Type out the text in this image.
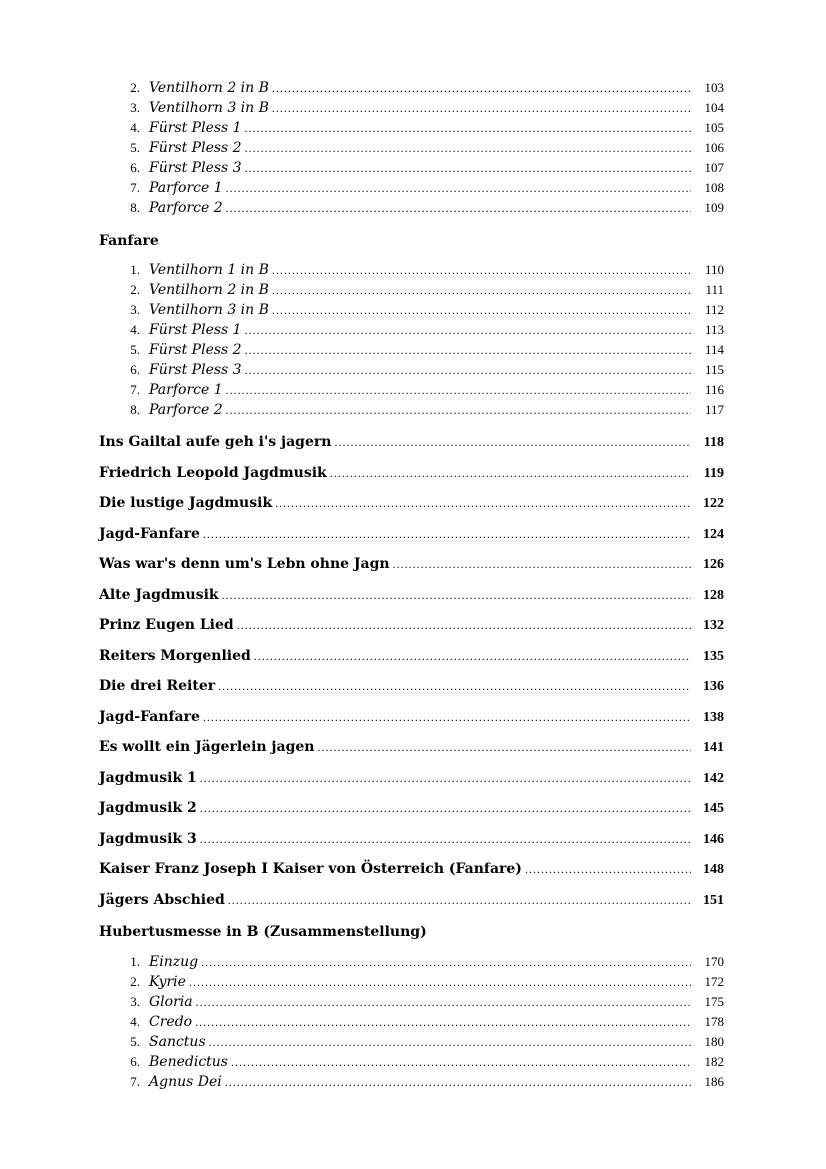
2. Ventilhorn 2 in B .....	103
3. Ventilhorn 3 in B .....	104
4. Fürst Pless 1 .....	105
5. Fürst Pless 2 .....	106
6. Fürst Pless 3 .....	107
7. Parforce 1 .....	108
8. Parforce 2 .....	109
Fanfare
1. Ventilhorn 1 in B .....	110
2. Ventilhorn 2 in B .....	111
3. Ventilhorn 3 in B .....	112
4. Fürst Pless 1 .....	113
5. Fürst Pless 2 .....	114
6. Fürst Pless 3 .....	115
7. Parforce 1 .....	116
8. Parforce 2 .....	117
Ins Gailtal aufe geh i's jagern .....	118
Friedrich Leopold Jagdmusik .....	119
Die lustige Jagdmusik .....	122
Jagd-Fanfare .....	124
Was war's denn um's Lebn ohne Jagn .....	126
Alte Jagdmusik .....	128
Prinz Eugen Lied .....	132
Reiters Morgenlied .....	135
Die drei Reiter .....	136
Jagd-Fanfare .....	138
Es wollt ein Jägerlein jagen .....	141
Jagdmusik 1 .....	142
Jagdmusik 2 .....	145
Jagdmusik 3 .....	146
Kaiser Franz Joseph I Kaiser von Österreich (Fanfare) .....	148
Jägers Abschied .....	151
Hubertusmesse in B (Zusammenstellung)
1. Einzug .....	170
2. Kyrie .....	172
3. Gloria .....	175
4. Credo .....	178
5. Sanctus .....	180
6. Benedictus .....	182
7. Agnus Dei .....	186
